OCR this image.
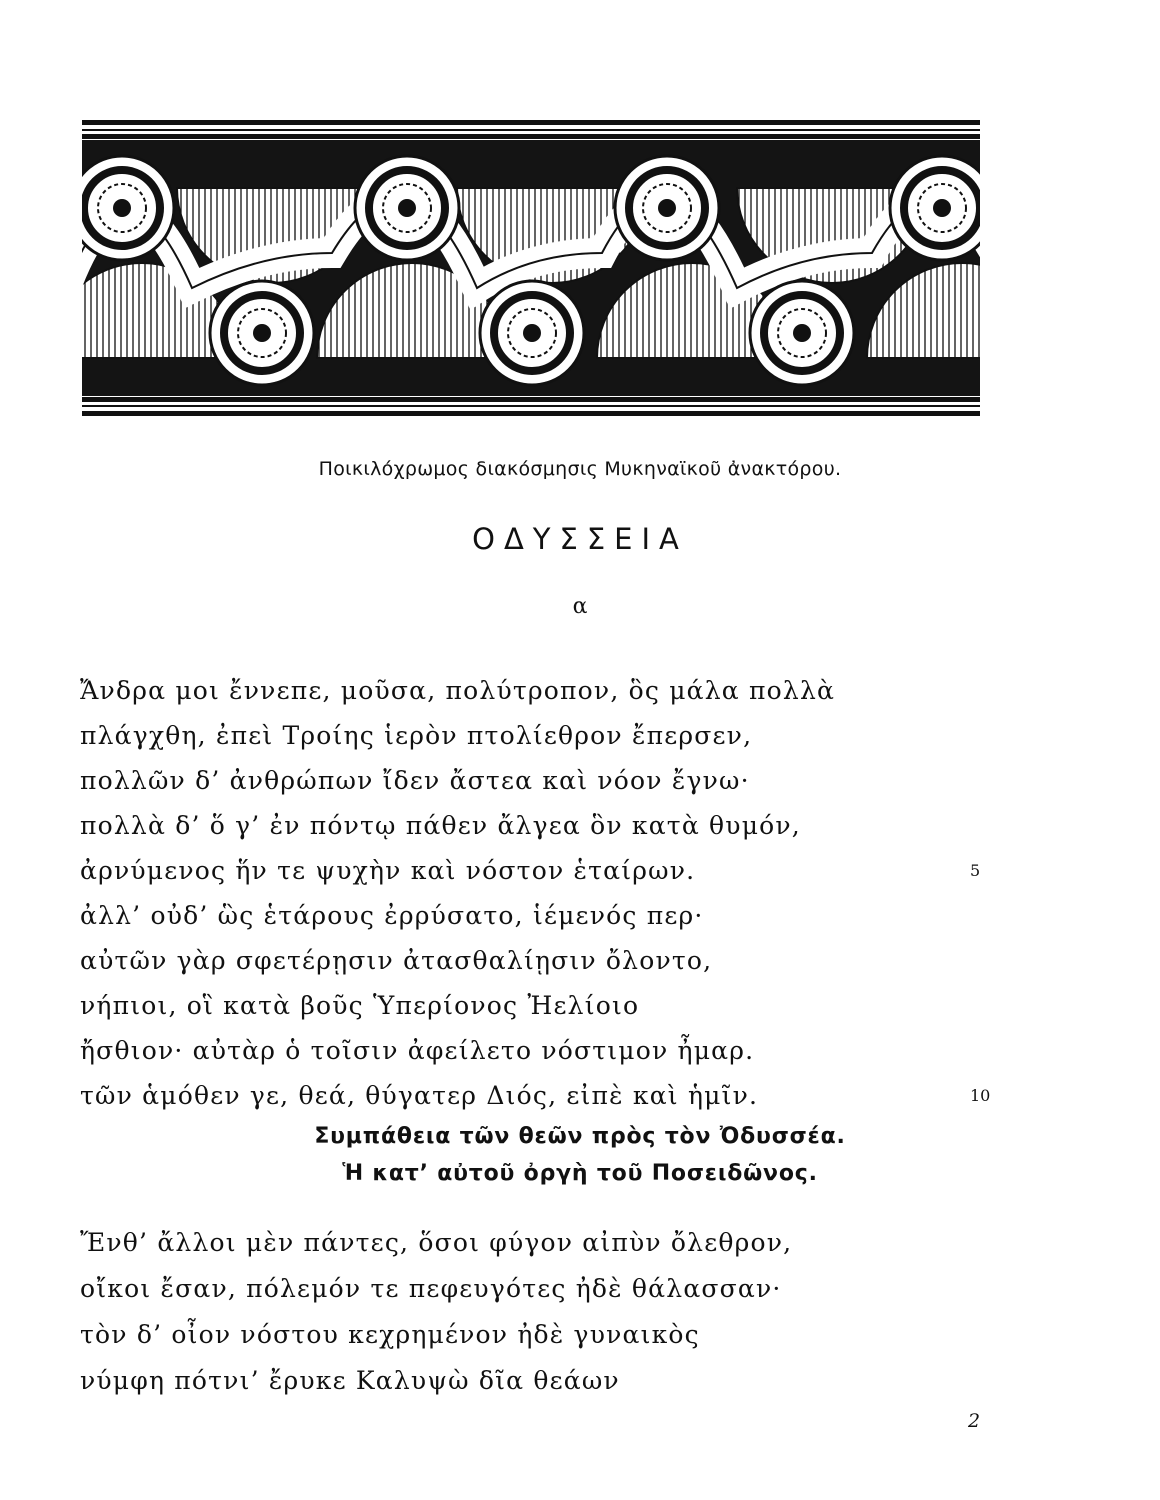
Ποικιλόχρωμος διακόσμησις Μυκηναϊκοῦ ἀνακτόρου.
ΟΔΥΣΣΕΙΑ
α
Ἄνδρα μοι ἔννεπε, μοῦσα, πολύτροπον, ὃς μάλα πολλὰ
πλάγχθη, ἐπεὶ Τροίης ἱερὸν πτολίεθρον ἔπερσεν,
πολλῶν δ’ ἀνθρώπων ἴδεν ἄστεα καὶ νόον ἔγνω·
πολλὰ δ’ ὅ γ’ ἐν πόντῳ πάθεν ἄλγεα ὃν κατὰ θυμόν,
ἀρνύμενος ἥν τε ψυχὴν καὶ νόστον ἑταίρων.	5
ἀλλ’ οὐδ’ ὣς ἑτάρους ἐρρύσατο, ἱέμενός περ·
αὐτῶν γὰρ σφετέρῃσιν ἀτασθαλίῃσιν ὄλοντο,
νήπιοι, οἳ κατὰ βοῦς Ὑπερίονος Ἠελίοιο
ἤσθιον· αὐτὰρ ὁ τοῖσιν ἀφείλετο νόστιμον ἦμαρ.
τῶν ἁμόθεν γε, θεά, θύγατερ Διός, εἰπὲ καὶ ἡμῖν.	10
Συμπάθεια τῶν θεῶν πρὸς τὸν Ὀδυσσέα.
Ἡ κατ’ αὐτοῦ ὀργὴ τοῦ Ποσειδῶνος.
Ἔνθ’ ἄλλοι μὲν πάντες, ὅσοι φύγον αἰπὺν ὄλεθρον,
οἴκοι ἔσαν, πόλεμόν τε πεφευγότες ἠδὲ θάλασσαν·
τὸν δ’ οἶον νόστου κεχρημένον ἠδὲ γυναικὸς
νύμφη πότνι’ ἔρυκε Καλυψὼ δῖα θεάων
2
